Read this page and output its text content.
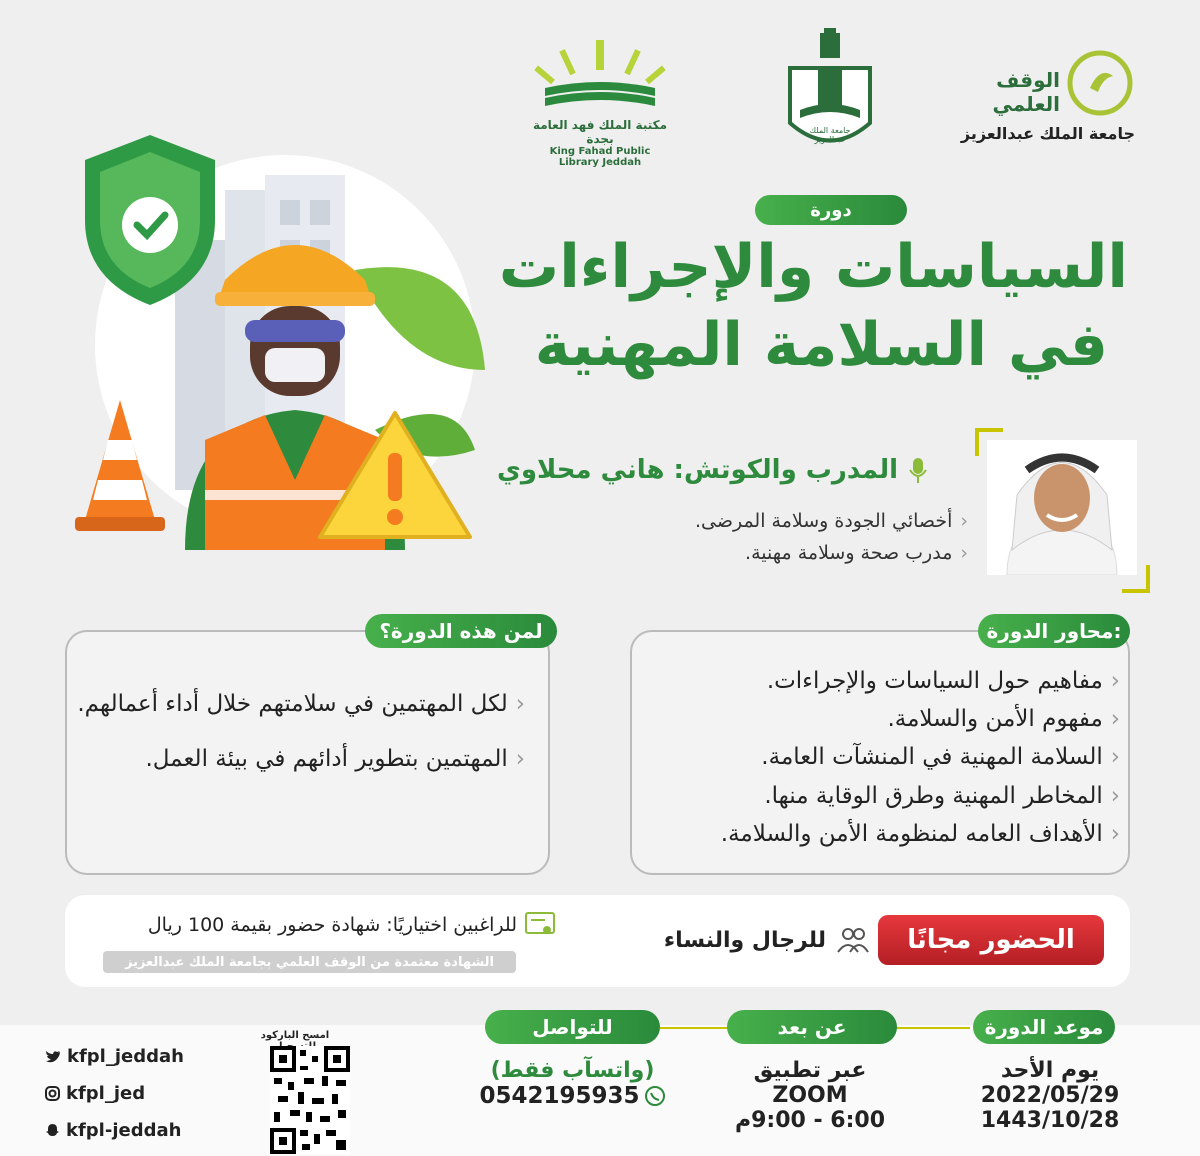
الوقف العلمي
جامعة الملك عبدالعزيز
جامعة الملك عبدالعزيز
مكتبة الملك فهد العامة بجدة
King Fahad Public Library Jeddah
دورة
السياسات والإجراءات
في السلامة المهنية
المدرب والكوتش: هاني محلاوي
‹ أخصائي الجودة وسلامة المرضى.
‹ مدرب صحة وسلامة مهنية.
محاور الدورة:
‹ مفاهيم حول السياسات والإجراءات.
‹ مفهوم الأمن والسلامة.
‹ السلامة المهنية في المنشآت العامة.
‹ المخاطر المهنية وطرق الوقاية منها.
‹ الأهداف العامه لمنظومة الأمن والسلامة.
لمن هذه الدورة؟
‹ لكل المهتمين في سلامتهم خلال أداء أعمالهم.
‹ المهتمين بتطوير أدائهم في بيئة العمل.
الحضور مجانًا
للرجال والنساء
للراغبين اختياريًا: شهادة حضور بقيمة 100 ريال
الشهادة معتمدة من الوقف العلمي بجامعة الملك عبدالعزيز
موعد الدورة
يوم الأحد
2022/05/29
1443/10/28
عن بعد
عبر تطبيق
ZOOM
6:00 - 9:00م
للتواصل
(واتسآب فقط)
0542195935
امسح الباركود
kfpl_jeddah
kfpl_jed
kfpl-jeddah
